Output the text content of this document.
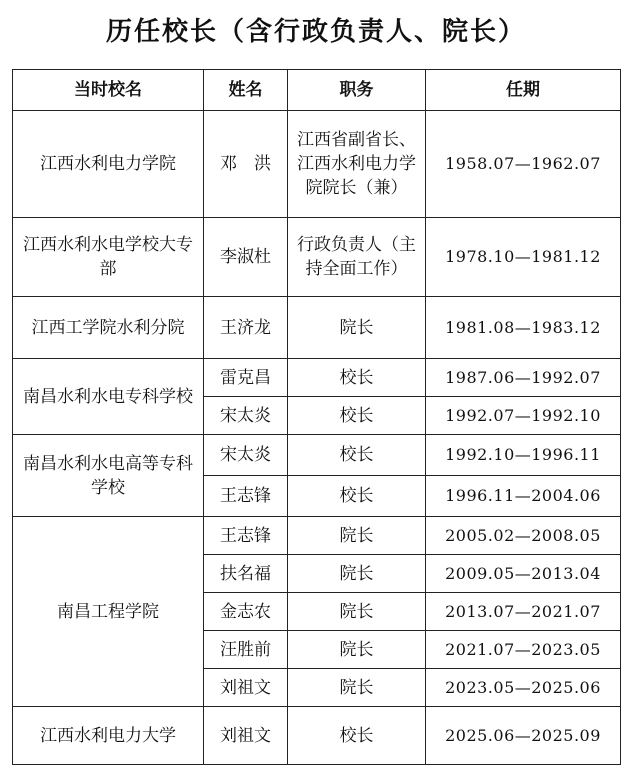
历任校长（含行政负责人、院长）
当时校名	姓名	职务	任期
江西水利电力学院	邓　洪	江西省副省长、江西水利电力学院院长（兼）	1958.07—1962.07
江西水利水电学校大专部	李淑杜	行政负责人（主持全面工作）	1978.10—1981.12
江西工学院水利分院	王济龙	院长	1981.08—1983.12
南昌水利水电专科学校	雷克昌	校长	1987.06—1992.07
	宋太炎	校长	1992.07—1992.10
南昌水利水电高等专科学校	宋太炎	校长	1992.10—1996.11
	王志锋	校长	1996.11—2004.06
南昌工程学院	王志锋	院长	2005.02—2008.05
	扶名福	院长	2009.05—2013.04
	金志农	院长	2013.07—2021.07
	汪胜前	院长	2021.07—2023.05
	刘祖文	院长	2023.05—2025.06
江西水利电力大学	刘祖文	校长	2025.06—2025.09
